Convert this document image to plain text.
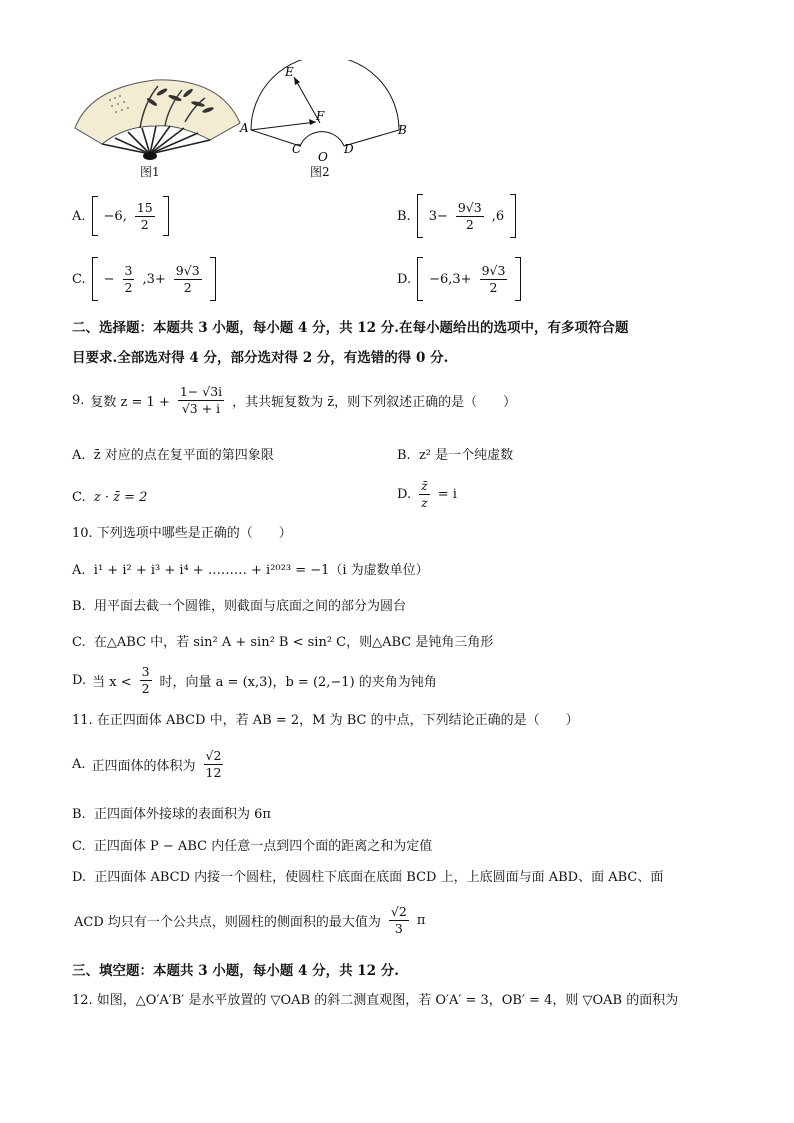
图1
E
A
F
B
C
O
D
图2
A. −6, $\frac{15}{2}$	B. $3- \frac{9√3}{2} ,6$
C. − $\frac{3}{2} ,3+ \frac{9√3}{2}$	D. $-6,3+ \frac{9√3}{2}$
二、选择题：本题共 3 小题，每小题 4 分，共 12 分.在每小题给出的选项中，有多项符合题
目要求.全部选对得 4 分，部分选对得 2 分，有选错的得 0 分.
9. 复数 $z = 1 + \frac{1- √3i}{√3 + i}$ ，其共轭复数为 z̄，则下列叙述正确的是（　　）
A. z̄ 对应的点在复平面的第四象限	B. z² 是一个纯虚数
C. z · z̄ = 2	D. $\frac{z̄}{z} = i$
10. 下列选项中哪些是正确的（　　）
A. i¹ + i² + i³ + i⁴ + ……… + i²⁰²³ = −1（i 为虚数单位）
B. 用平面去截一个圆锥，则截面与底面之间的部分为圆台
C. 在△ABC 中，若 sin² A + sin² B < sin² C，则△ABC 是钝角三角形
D. 当 $x < \frac{3}{2}$ 时，向量 a = (x,3)，b = (2,−1) 的夹角为钝角
11. 在正四面体 ABCD 中，若 AB = 2，M 为 BC 的中点，下列结论正确的是（　　）
A. 正四面体的体积为 $\frac{√2}{12}$
B. 正四面体外接球的表面积为 6π
C. 正四面体 P − ABC 内任意一点到四个面的距离之和为定值
D. 正四面体 ABCD 内接一个圆柱，使圆柱下底面在底面 BCD 上，上底圆面与面 ABD、面 ABC、面
ACD 均只有一个公共点，则圆柱的侧面积的最大值为 $\frac{√2}{3}$ π
三、填空题：本题共 3 小题，每小题 4 分，共 12 分.
12. 如图，△O′A′B′ 是水平放置的 ▽OAB 的斜二测直观图，若 O′A′ = 3，OB′ = 4，则 ▽OAB 的面积为
